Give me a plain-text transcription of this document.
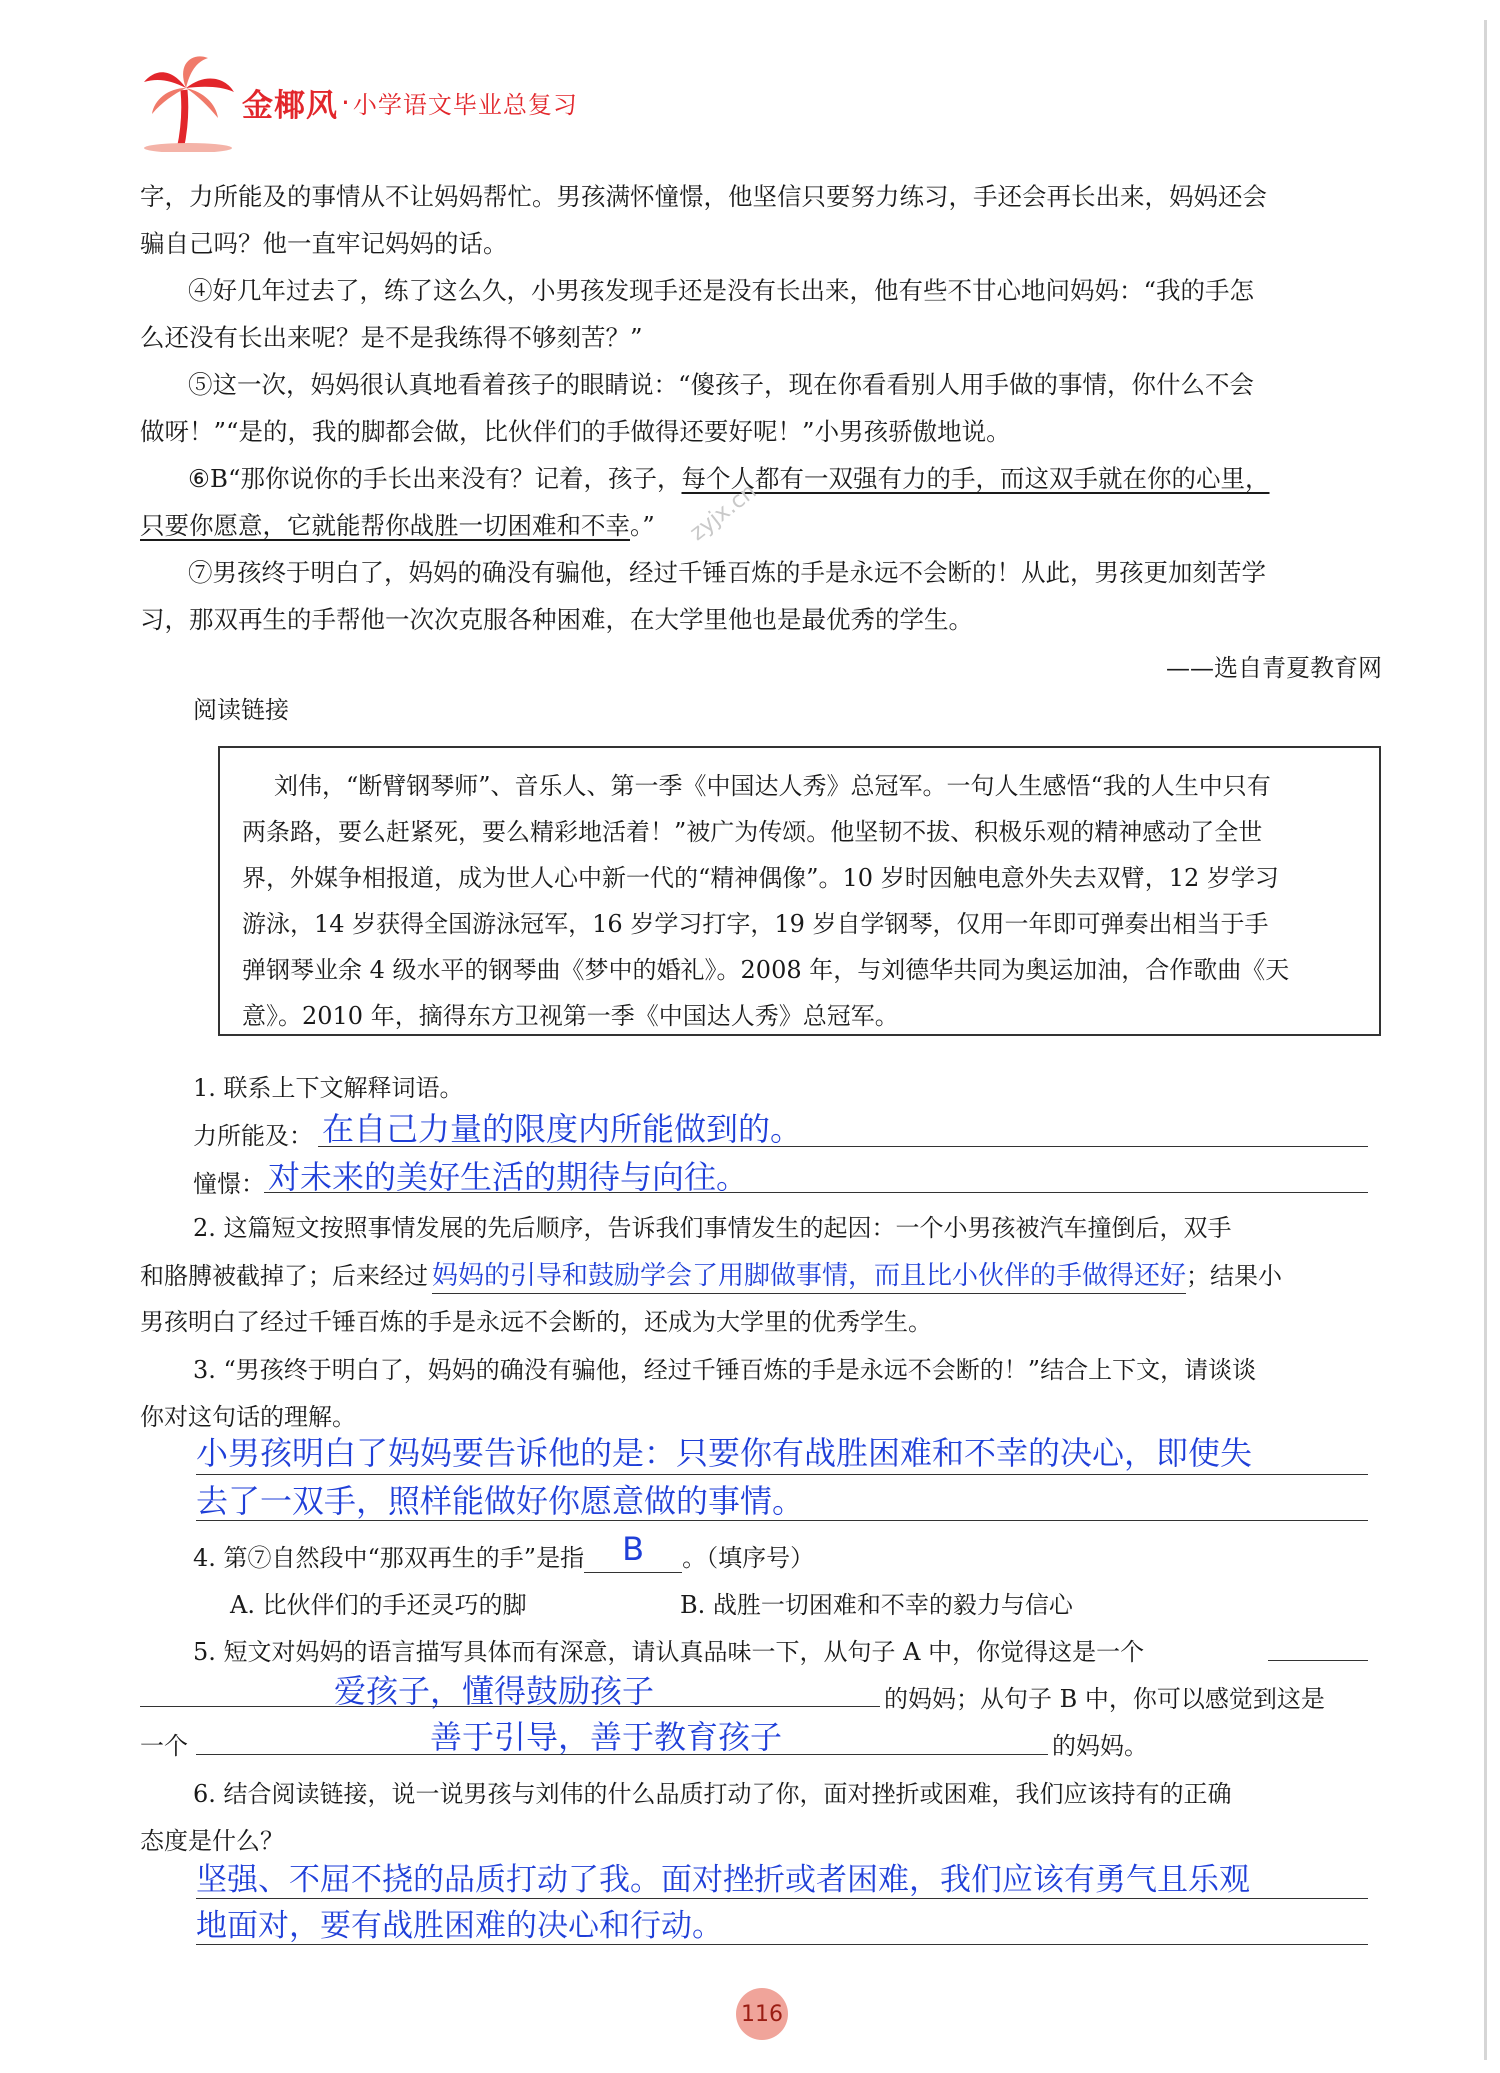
金椰风 · 小学语文毕业总复习
字，力所能及的事情从不让妈妈帮忙。男孩满怀憧憬，他坚信只要努力练习，手还会再长出来，妈妈还会
骗自己吗？他一直牢记妈妈的话。
④好几年过去了，练了这么久，小男孩发现手还是没有长出来，他有些不甘心地问妈妈：“我的手怎
么还没有长出来呢？是不是我练得不够刻苦？”
⑤这一次，妈妈很认真地看着孩子的眼睛说：“傻孩子，现在你看看别人用手做的事情，你什么不会
做呀！”“是的，我的脚都会做，比伙伴们的手做得还要好呢！”小男孩骄傲地说。
⑥B“那你说你的手长出来没有？记着，孩子，每个人都有一双强有力的手，而这双手就在你的心里，
只要你愿意，它就能帮你战胜一切困难和不幸。”	zyjx.cn
⑦男孩终于明白了，妈妈的确没有骗他，经过千锤百炼的手是永远不会断的！从此，男孩更加刻苦学
习，那双再生的手帮他一次次克服各种困难，在大学里他也是最优秀的学生。
——选自青夏教育网
阅读链接
刘伟，“断臂钢琴师”、音乐人、第一季《中国达人秀》总冠军。一句人生感悟“我的人生中只有
两条路，要么赶紧死，要么精彩地活着！”被广为传颂。他坚韧不拔、积极乐观的精神感动了全世
界，外媒争相报道，成为世人心中新一代的“精神偶像”。10 岁时因触电意外失去双臂，12 岁学习
游泳，14 岁获得全国游泳冠军，16 岁学习打字，19 岁自学钢琴，仅用一年即可弹奏出相当于手
弹钢琴业余 4 级水平的钢琴曲《梦中的婚礼》。2008 年，与刘德华共同为奥运加油，合作歌曲《天
意》。2010 年，摘得东方卫视第一季《中国达人秀》总冠军。
1. 联系上下文解释词语。
力所能及： 在自己力量的限度内所能做到的。
憧憬： 对未来的美好生活的期待与向往。
2. 这篇短文按照事情发展的先后顺序，告诉我们事情发生的起因：一个小男孩被汽车撞倒后，双手
和胳膊被截掉了；后来经过 妈妈的引导和鼓励学会了用脚做事情，而且比小伙伴的手做得还好；结果小
男孩明白了经过千锤百炼的手是永远不会断的，还成为大学里的优秀学生。
3. “男孩终于明白了，妈妈的确没有骗他，经过千锤百炼的手是永远不会断的！”结合上下文，请谈谈
你对这句话的理解。
小男孩明白了妈妈要告诉他的是：只要你有战胜困难和不幸的决心，即使失
去了一双手，照样能做好你愿意做的事情。
4. 第⑦自然段中“那双再生的手”是指	B	。（填序号）
A. 比伙伴们的手还灵巧的脚	B. 战胜一切困难和不幸的毅力与信心
5. 短文对妈妈的语言描写具体而有深意，请认真品味一下，从句子 A 中，你觉得这是一个
爱孩子，懂得鼓励孩子	的妈妈；从句子 B 中，你可以感觉到这是
一个	善于引导，善于教育孩子	的妈妈。
6. 结合阅读链接，说一说男孩与刘伟的什么品质打动了你，面对挫折或困难，我们应该持有的正确
态度是什么？
坚强、不屈不挠的品质打动了我。面对挫折或者困难，我们应该有勇气且乐观
地面对，要有战胜困难的决心和行动。
116
